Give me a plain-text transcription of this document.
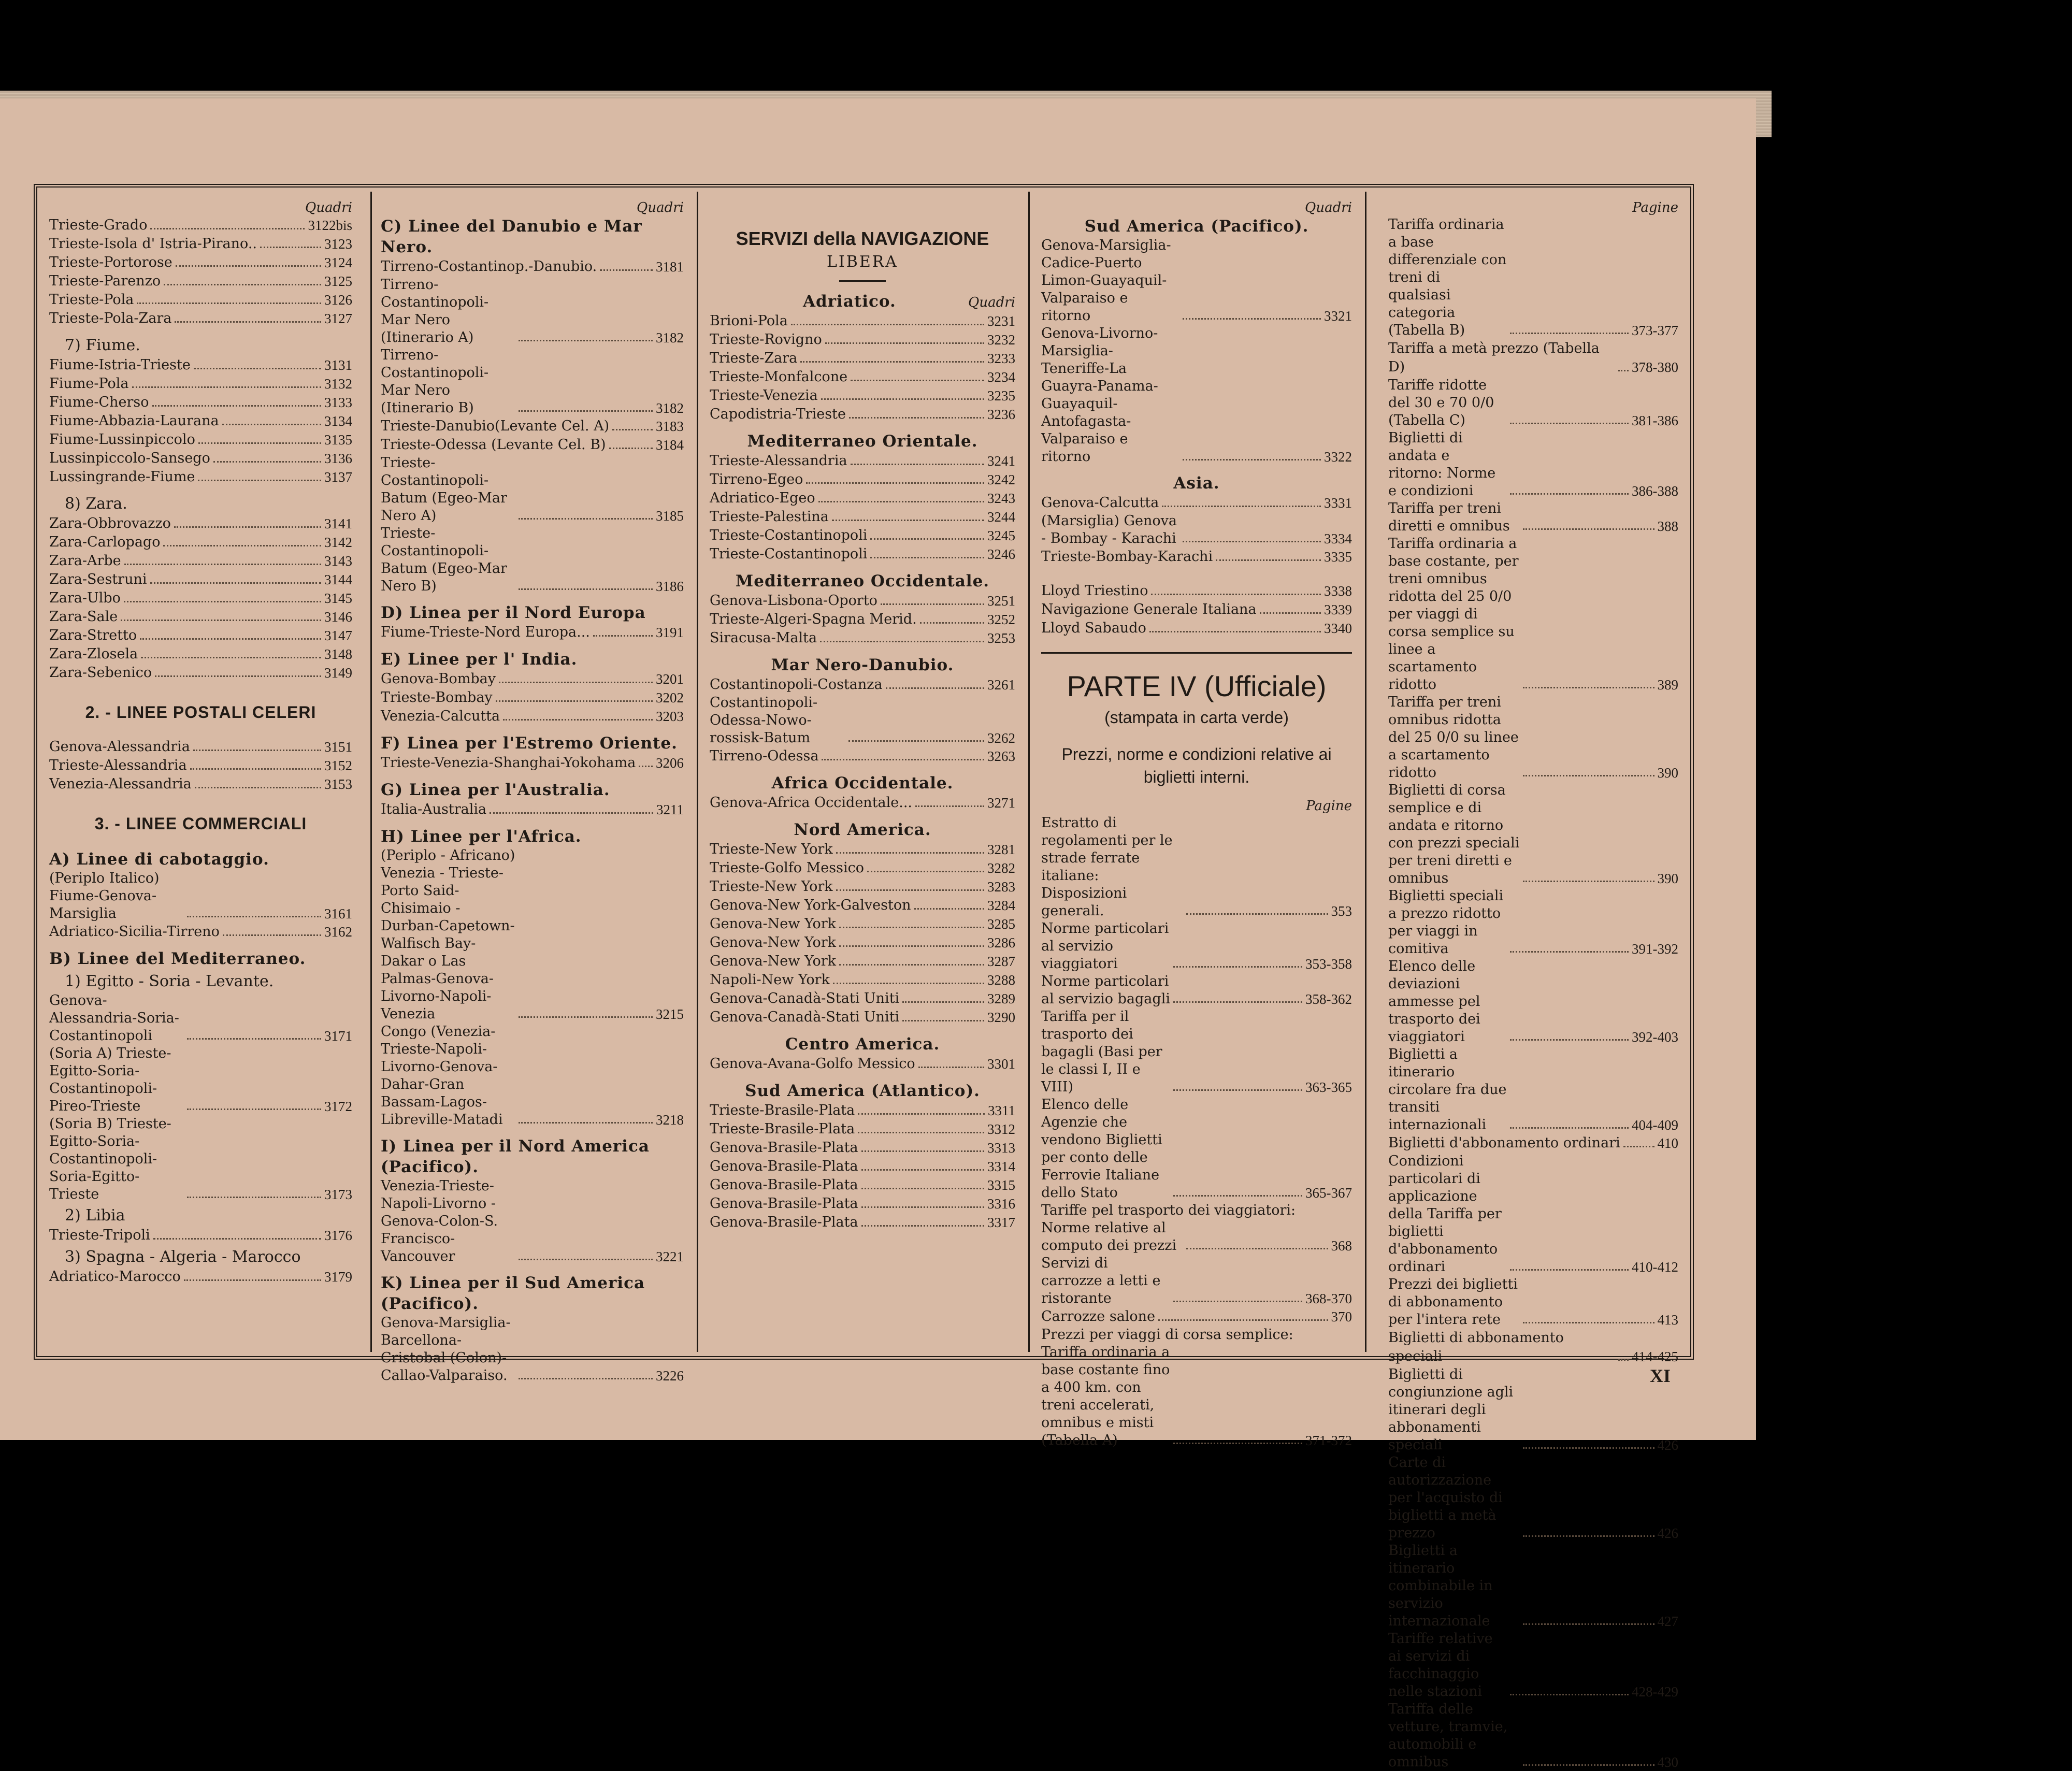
Quadri
Trieste-Grado	3122bis
Trieste-Isola d' Istria-Pirano..	3123
Trieste-Portorose	3124
Trieste-Parenzo	3125
Trieste-Pola	3126
Trieste-Pola-Zara	3127
7) Fiume.
Fiume-Istria-Trieste	3131
Fiume-Pola	3132
Fiume-Cherso	3133
Fiume-Abbazia-Laurana	3134
Fiume-Lussinpiccolo	3135
Lussinpiccolo-Sansego	3136
Lussingrande-Fiume	3137
8) Zara.
Zara-Obbrovazzo	3141
Zara-Carlopago	3142
Zara-Arbe	3143
Zara-Sestruni	3144
Zara-Ulbo	3145
Zara-Sale	3146
Zara-Stretto	3147
Zara-Zlosela	3148
Zara-Sebenico	3149
2. - LINEE POSTALI CELERI
Genova-Alessandria	3151
Trieste-Alessandria	3152
Venezia-Alessandria	3153
3. - LINEE COMMERCIALI
A) Linee di cabotaggio.
(Periplo Italico) Fiume-Genova-Marsiglia	3161
Adriatico-Sicilia-Tirreno	3162
B) Linee del Mediterraneo.
1) Egitto - Soria - Levante.
Genova-Alessandria-Soria-Costantinopoli	3171
(Soria A) Trieste-Egitto-Soria-Costantinopoli-Pireo-Trieste	3172
(Soria B) Trieste-Egitto-Soria-Costantinopoli-Soria-Egitto-Trieste	3173
2) Libia
Trieste-Tripoli	3176
3) Spagna - Algeria - Marocco
Adriatico-Marocco	3179
Quadri
C) Linee del Danubio e Mar Nero.
Tirreno-Costantinop.-Danubio.	3181
Tirreno-Costantinopoli-Mar Nero (Itinerario A)	3182
Tirreno-Costantinopoli-Mar Nero (Itinerario B)	3182
Trieste-Danubio(Levante Cel. A)	3183
Trieste-Odessa (Levante Cel. B)	3184
Trieste-Costantinopoli-Batum (Egeo-Mar Nero A)	3185
Trieste-Costantinopoli-Batum (Egeo-Mar Nero B)	3186
D) Linea per il Nord Europa
Fiume-Trieste-Nord Europa...	3191
E) Linee per l' India.
Genova-Bombay	3201
Trieste-Bombay	3202
Venezia-Calcutta	3203
F) Linea per l'Estremo Oriente.
Trieste-Venezia-Shanghai-Yokohama 3206
G) Linea per l'Australia.
Italia-Australia	3211
H) Linee per l'Africa.
(Periplo - Africano) Venezia - Trieste-Porto Said-Chisimaio -Durban-Capetown-Walfisch Bay-Dakar o Las Palmas-Genova-Livorno-Napoli-Venezia	3215
Congo (Venezia-Trieste-Napoli-Livorno-Genova-Dahar-Gran Bassam-Lagos-Libreville-Matadi	3218
I) Linea per il Nord America (Pacifico).
Venezia-Trieste-Napoli-Livorno -Genova-Colon-S. Francisco-Vancouver	3221
K) Linea per il Sud America (Pacifico).
Genova-Marsiglia-Barcellona-Cristobal (Colon)-Callao-Valparaiso.	3226
SERVIZI della NAVIGAZIONE
LIBERA
Adriatico.	Quadri
Brioni-Pola	3231
Trieste-Rovigno	3232
Trieste-Zara	3233
Trieste-Monfalcone	3234
Trieste-Venezia	3235
Capodistria-Trieste	3236
Mediterraneo Orientale.
Trieste-Alessandria	3241
Tirreno-Egeo	3242
Adriatico-Egeo	3243
Trieste-Palestina	3244
Trieste-Costantinopoli	3245
Trieste-Costantinopoli	3246
Mediterraneo Occidentale.
Genova-Lisbona-Oporto	3251
Trieste-Algeri-Spagna Merid.	3252
Siracusa-Malta	3253
Mar Nero-Danubio.
Costantinopoli-Costanza	3261
Costantinopoli-Odessa-Nowo-rossisk-Batum	3262
Tirreno-Odessa	3263
Africa Occidentale.
Genova-Africa Occidentale...	3271
Nord America.
Trieste-New York	3281
Trieste-Golfo Messico	3282
Trieste-New York	3283
Genova-New York-Galveston	3284
Genova-New York	3285
Genova-New York	3286
Genova-New York	3287
Napoli-New York	3288
Genova-Canadà-Stati Uniti	3289
Genova-Canadà-Stati Uniti	3290
Centro America.
Genova-Avana-Golfo Messico	3301
Sud America (Atlantico).
Trieste-Brasile-Plata	3311
Trieste-Brasile-Plata	3312
Genova-Brasile-Plata	3313
Genova-Brasile-Plata	3314
Genova-Brasile-Plata	3315
Genova-Brasile-Plata	3316
Genova-Brasile-Plata	3317
Quadri
Sud America (Pacifico).
Genova-Marsiglia-Cadice-Puerto Limon-Guayaquil-Valparaiso e ritorno	3321
Genova-Livorno-Marsiglia-Teneriffe-La Guayra-Panama-Guayaquil-Antofagasta-Valparaiso e ritorno	3322
Asia.
Genova-Calcutta	3331
(Marsiglia) Genova - Bombay - Karachi	3334
Trieste-Bombay-Karachi	3335
Lloyd Triestino	3338
Navigazione Generale Italiana	3339
Lloyd Sabaudo	3340
PARTE IV (Ufficiale)
(stampata in carta verde)
Prezzi, norme e condizioni relative ai biglietti interni.
Pagine
Estratto di regolamenti per le strade ferrate italiane: Disposizioni generali.	353
Norme particolari al servizio viaggiatori	353-358
Norme particolari al servizio bagagli	358-362
Tariffa per il trasporto dei bagagli (Basi per le classi I, II e VIII)	363-365
Elenco delle Agenzie che vendono Biglietti per conto delle Ferrovie Italiane dello Stato	365-367
Tariffe pel trasporto dei viaggiatori:
Norme relative al computo dei prezzi	368
Servizi di carrozze a letti e ristorante	368-370
Carrozze salone	370
Prezzi per viaggi di corsa semplice:
Tariffa ordinaria a base costante fino a 400 km. con treni accelerati, omnibus e misti (Tabella A)	371-372
Pagine
Tariffa ordinaria a base differenziale con treni di qualsiasi categoria (Tabella B)	373-377
Tariffa a metà prezzo (Tabella D)	378-380
Tariffe ridotte del 30 e 70 0/0 (Tabella C)	381-386
Biglietti di andata e ritorno: Norme e condizioni	386-388
Tariffa per treni diretti e omnibus	388
Tariffa ordinaria a base costante, per treni omnibus ridotta del 25 0/0 per viaggi di corsa semplice su linee a scartamento ridotto	389
Tariffa per treni omnibus ridotta del 25 0/0 su linee a scartamento ridotto	390
Biglietti di corsa semplice e di andata e ritorno con prezzi speciali per treni diretti e omnibus	390
Biglietti speciali a prezzo ridotto per viaggi in comitiva	391-392
Elenco delle deviazioni ammesse pel trasporto dei viaggiatori	392-403
Biglietti a itinerario circolare fra due transiti internazionali	404-409
Biglietti d'abbonamento ordinari	410
Condizioni particolari di applicazione della Tariffa per biglietti d'abbonamento ordinari	410-412
Prezzi dei biglietti di abbonamento per l'intera rete	413
Biglietti di abbonamento speciali	414-425
Biglietti di congiunzione agli itinerari degli abbonamenti speciali	426
Carte di autorizzazione per l'acquisto di biglietti a metà prezzo	426
Biglietti a itinerario combinabile in servizio internazionale	427
Tariffe relative ai servizi di facchinaggio nelle stazioni	428-429
Tariffa delle vetture, tramvie, automobili e omnibus	430
XI
